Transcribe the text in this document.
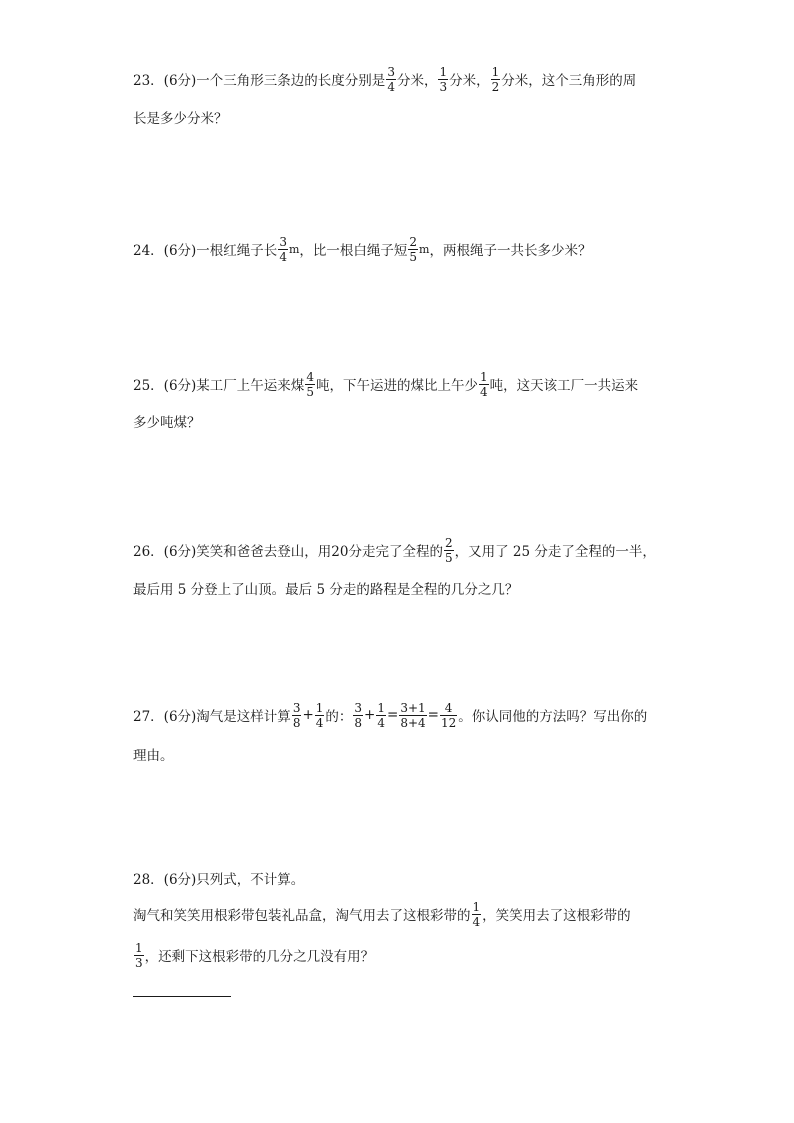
23．(6分)一个三角形三条边的长度分别是 $\frac{3}{4}$ 分米， $\frac{1}{3}$ 分米， $\frac{1}{2}$ 分米，这个三角形的周
长是多少分米？
24．(6分)一根红绳子长 $\frac{3}{4}$ m ，比一根白绳子短 $\frac{2}{5}$ m ，两根绳子一共长多少米？
25．(6分)某工厂上午运来煤 $\frac{4}{5}$ 吨，下午运进的煤比上午少 $\frac{1}{4}$ 吨，这天该工厂一共运来
多少吨煤？
26．(6分)笑笑和爸爸去登山，用20分走完了全程的 $\frac{2}{5}$ ，又用了 25 分走了全程的一半，
最后用 5 分登上了山顶。最后 5 分走的路程是全程的几分之几？
27．(6分)淘气是这样计算 $\frac{3}{8} + \frac{1}{4}$ 的： $\frac{3}{8} + \frac{1}{4} = \frac{3+1}{8+4} = \frac{4}{12}$ 。你认同他的方法吗？写出你的
理由。
28．(6分)只列式，不计算。
淘气和笑笑用根彩带包装礼品盒，淘气用去了这根彩带的 $\frac{1}{4}$ ，笑笑用去了这根彩带的
$\frac{1}{3}$ ，还剩下这根彩带的几分之几没有用？
